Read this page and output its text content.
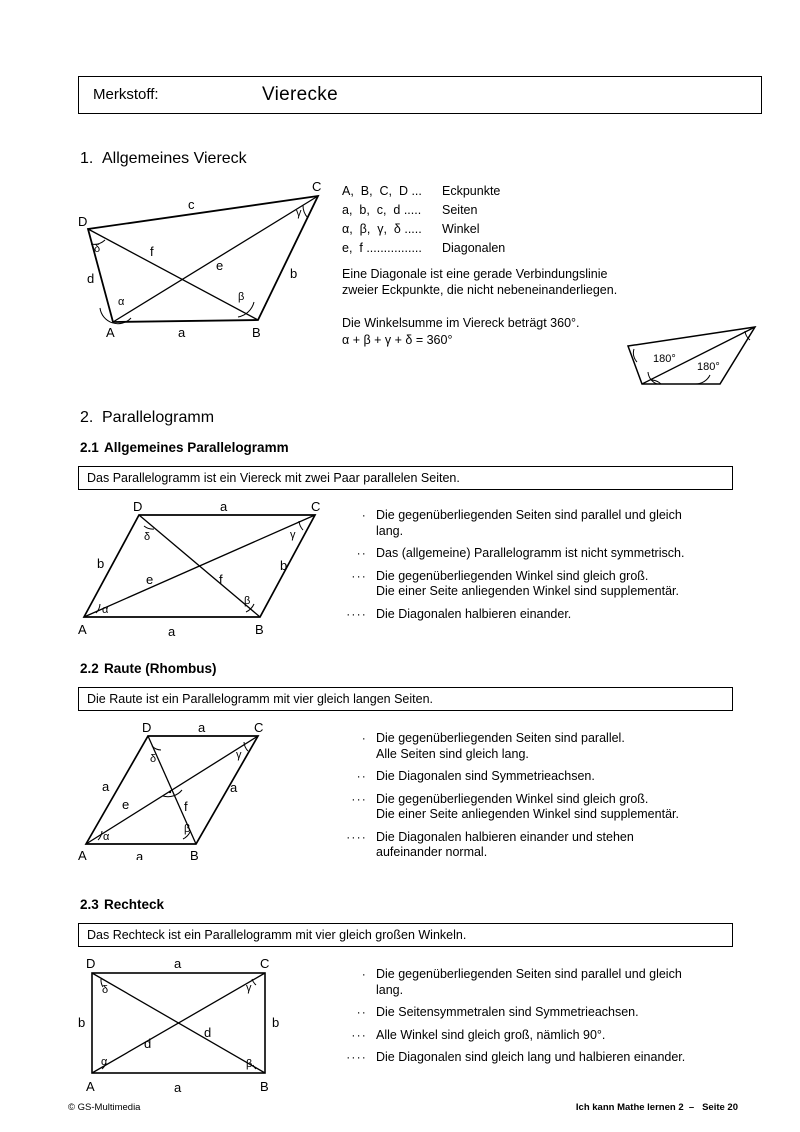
Merkstoff:	Vierecke
1. Allgemeines Viereck
A	B
C
D
a
b
c
d
e
f
α	β
γ
δ
A,  B,  C,  D ... Eckpunkte
a,  b,  c,  d ..... Seiten
α,  β,  γ,  δ ..... Winkel
e,  f ................ Diagonalen
Eine Diagonale ist eine gerade Verbindungslinie
zweier Eckpunkte, die nicht nebeneinanderliegen.
Die Winkelsumme im Viereck beträgt 360°.
α + β + γ + δ = 360°
180°
180°
2. Parallelogramm
2.1 Allgemeines Parallelogramm
Das Parallelogramm ist ein Viereck mit zwei Paar parallelen Seiten.
A	B
C
D
a
a
b	b
e	f
α
β
γ
δ
· Die gegenüberliegenden Seiten sind parallel und gleich
lang.
·· Das (allgemeine) Parallelogramm ist nicht symmetrisch.
··· Die gegenüberliegenden Winkel sind gleich groß.
Die einer Seite anliegenden Winkel sind supplementär.
···· Die Diagonalen halbieren einander.
2.2 Raute (Rhombus)
Die Raute ist ein Parallelogramm mit vier gleich langen Seiten.
A	B
C
D
a
a
a	a
e	f
α
β
γ
δ
· Die gegenüberliegenden Seiten sind parallel.
Alle Seiten sind gleich lang.
·· Die Diagonalen sind Symmetrieachsen.
··· Die gegenüberliegenden Winkel sind gleich groß.
Die einer Seite anliegenden Winkel sind supplementär.
···· Die Diagonalen halbieren einander und stehen
aufeinander normal.
2.3 Rechteck
Das Rechteck ist ein Parallelogramm mit vier gleich großen Winkeln.
A	B
C
D
a
a
b	b
d
d
α	β
γ
δ
· Die gegenüberliegenden Seiten sind parallel und gleich
lang.
·· Die Seitensymmetralen sind Symmetrieachsen.
··· Alle Winkel sind gleich groß, nämlich 90°.
···· Die Diagonalen sind gleich lang und halbieren einander.
© GS-Multimedia	Ich kann Mathe lernen 2  –   Seite 20
